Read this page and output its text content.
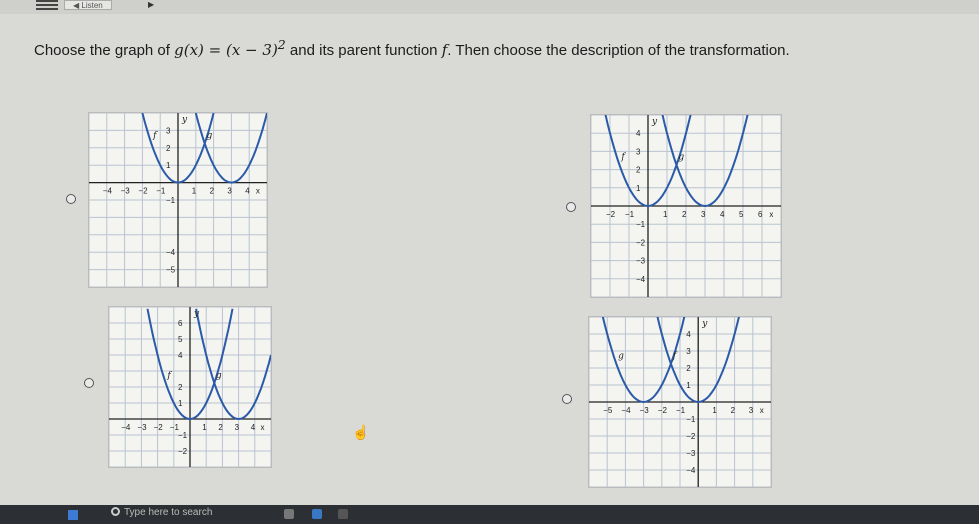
◀ Listen	▶
Choose the graph of $g(x) = (x - 3)^2$ and its parent function f. Then choose the description of the transformation.
−4 −3 −2 −1	1 2 3 4 x
3
2
1
−1
−4
−5
y
g
f
−2 −1	1 2 3 4 5 6 x
4
3
2
1
−1
−2
−3
−4
y
f	g
−4 −3 −2 −1	1 2 3 4 x
6
5
4
2
1
−1
−2
y
f	g
−5 −4 −3 −2 −1	1 2 3 x
4
3
2
1
−1
−2
−3
−4
y
g	f
☝
Type here to search
